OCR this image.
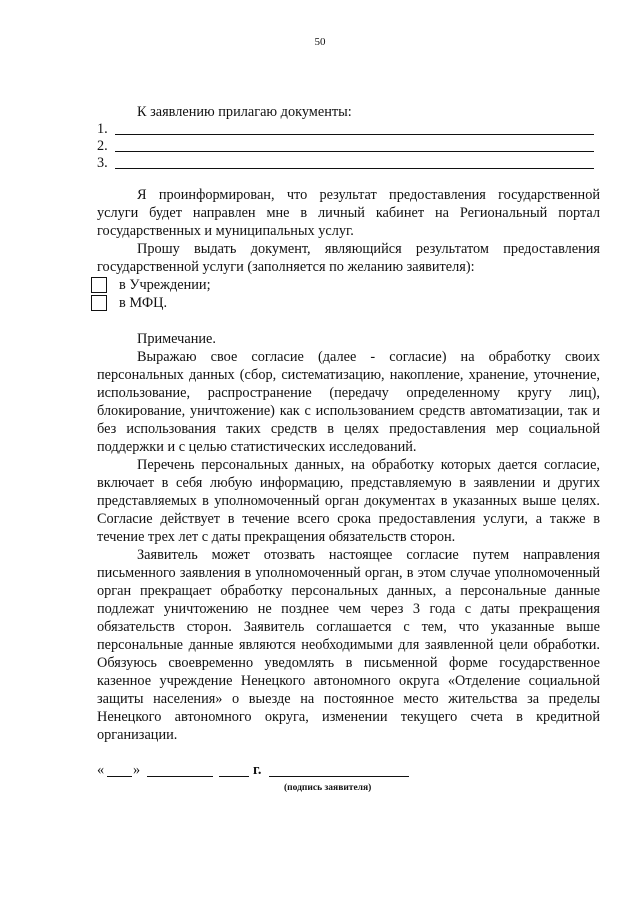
50

К заявлению прилагаю документы:

1.
2.
3.

Я проинформирован, что результат предоставления государственной услуги будет направлен мне в личный кабинет на Региональный портал государственных и муниципальных услуг.

Прошу выдать документ, являющийся результатом предоставления государственной услуги (заполняется по желанию заявителя):

в Учреждении;
в МФЦ.

Примечание.

Выражаю свое согласие (далее - согласие) на обработку своих персональных данных (сбор, систематизацию, накопление, хранение, уточнение, использование, распространение (передачу определенному кругу лиц), блокирование, уничтожение) как с использованием средств автоматизации, так и без использования таких средств в целях предоставления мер социальной поддержки и с целью статистических исследований.

Перечень персональных данных, на обработку которых дается согласие, включает в себя любую информацию, представляемую в заявлении и других представляемых в уполномоченный орган документах в указанных выше целях. Согласие действует в течение всего срока предоставления услуги, а также в течение трех лет с даты прекращения обязательств сторон.

Заявитель может отозвать настоящее согласие путем направления письменного заявления в уполномоченный орган, в этом случае уполномоченный орган прекращает обработку персональных данных, а персональные данные подлежат уничтожению не позднее чем через 3 года с даты прекращения обязательств сторон. Заявитель соглашается с тем, что указанные выше персональные данные являются необходимыми для заявленной цели обработки. Обязуюсь своевременно уведомлять в письменной форме государственное казенное учреждение Ненецкого автономного округа «Отделение социальной защиты населения» о выезде на постоянное место жительства за пределы Ненецкого автономного округа, изменении текущего счета в кредитной организации.

« »	г.
(подпись заявителя)
